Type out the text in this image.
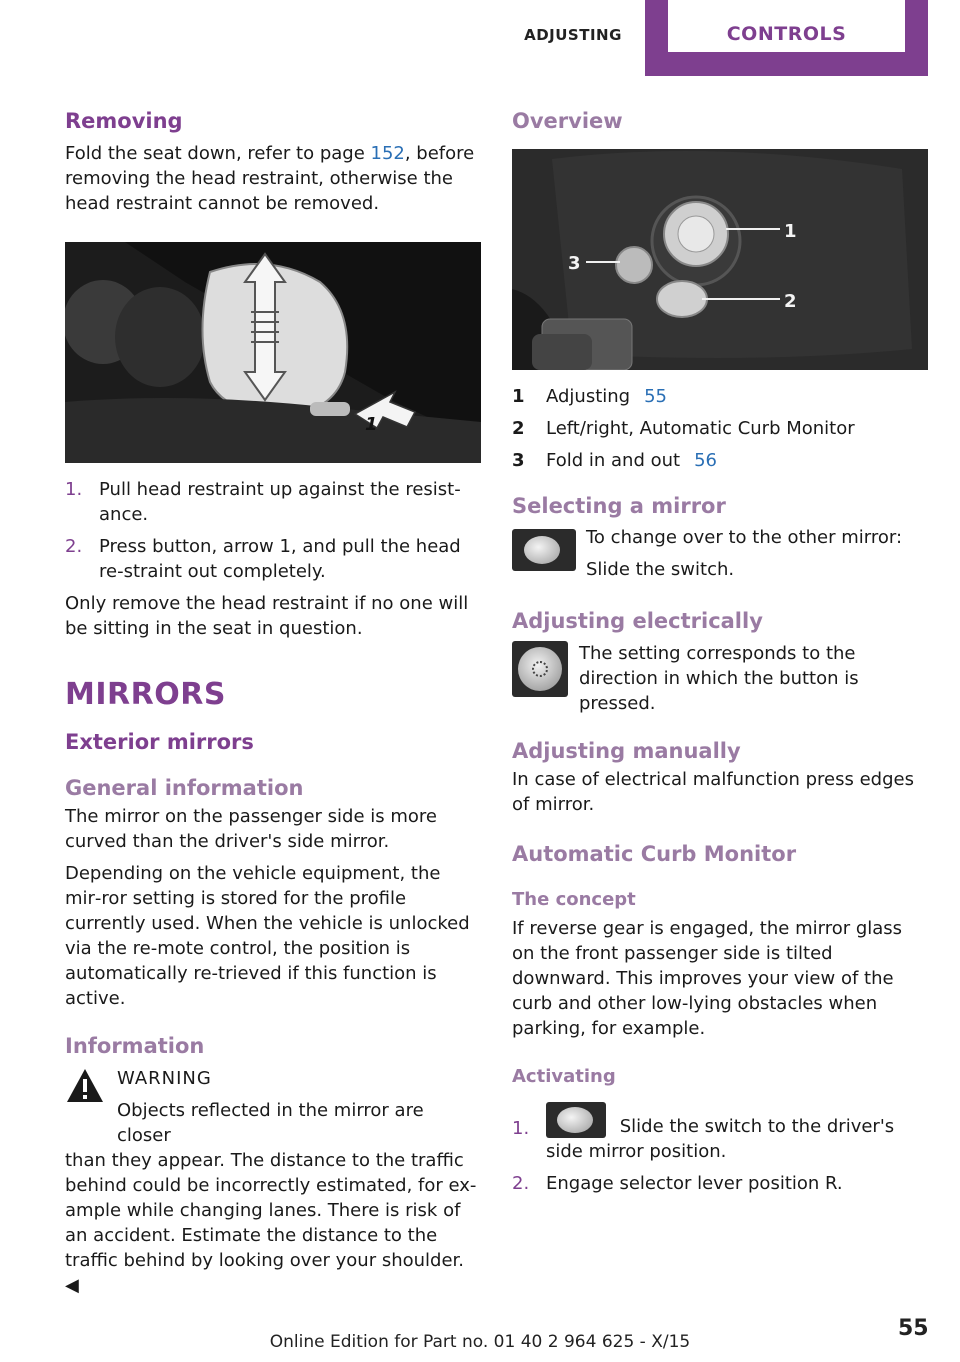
ADJUSTING	CONTROLS
Removing

Fold the seat down, refer to page 152, before removing the head restraint, otherwise the head restraint cannot be removed.

1
1. Pull head restraint up against the resist‐ance.
2. Press button, arrow 1, and pull the head re‐straint out completely.

Only remove the head restraint if no one will be sitting in the seat in question.

MIRRORS
Exterior mirrors
General information

The mirror on the passenger side is more curved than the driver's side mirror.

Depending on the vehicle equipment, the mir‐ror setting is stored for the profile currently used. When the vehicle is unlocked via the re‐mote control, the position is automatically re‐trieved if this function is active.

Information

WARNING

Objects reflected in the mirror are closer

than they appear. The distance to the traffic behind could be incorrectly estimated, for ex‐ample while changing lanes. There is risk of an accident. Estimate the distance to the traffic behind by looking over your shoulder. ◀

Overview
1
2
3
1	Adjusting 55
2	Left/right, Automatic Curb Monitor
3	Fold in and out 56
Selecting a mirror

To change over to the other mirror:

Slide the switch.

Adjusting electrically

The setting corresponds to the direction in which the button is pressed.

Adjusting manually

In case of electrical malfunction press edges of mirror.

Automatic Curb Monitor
The concept

If reverse gear is engaged, the mirror glass on the front passenger side is tilted downward. This improves your view of the curb and other low-lying obstacles when parking, for example.

Activating
1.	Slide the switch to the driver's side mirror position.
2. Engage selector lever position R.
55
Online Edition for Part no. 01 40 2 964 625 - X/15
